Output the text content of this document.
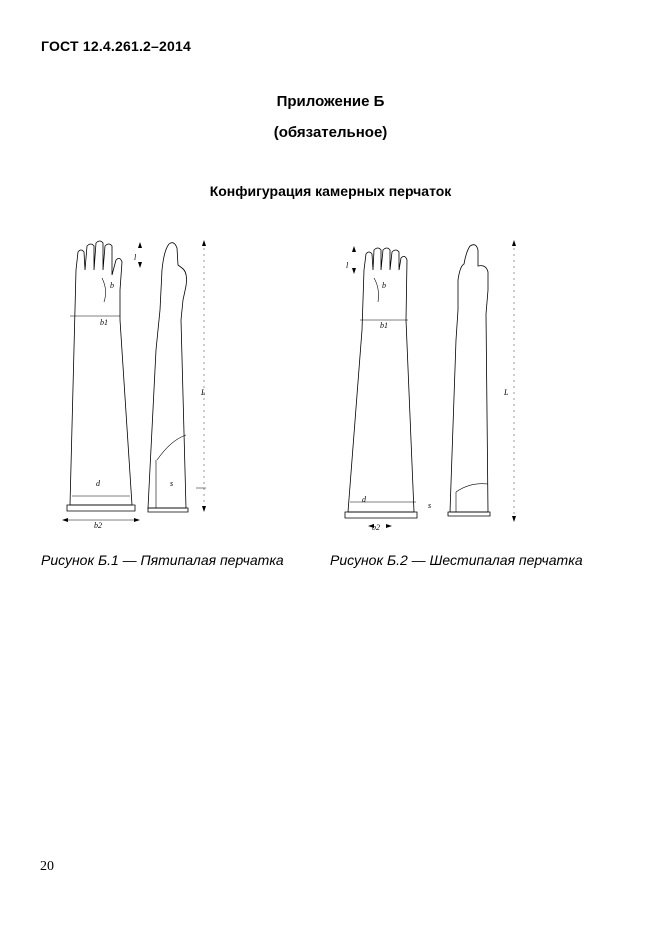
ГОСТ 12.4.261.2–2014
Приложение Б
(обязательное)
Конфигурация камерных перчаток
l
b
b1
d
b2
L
s
l
b
b1
d
b2
L
s
Рисунок Б.1 — Пятипалая перчатка	Рисунок Б.2 — Шестипалая перчатка
20
